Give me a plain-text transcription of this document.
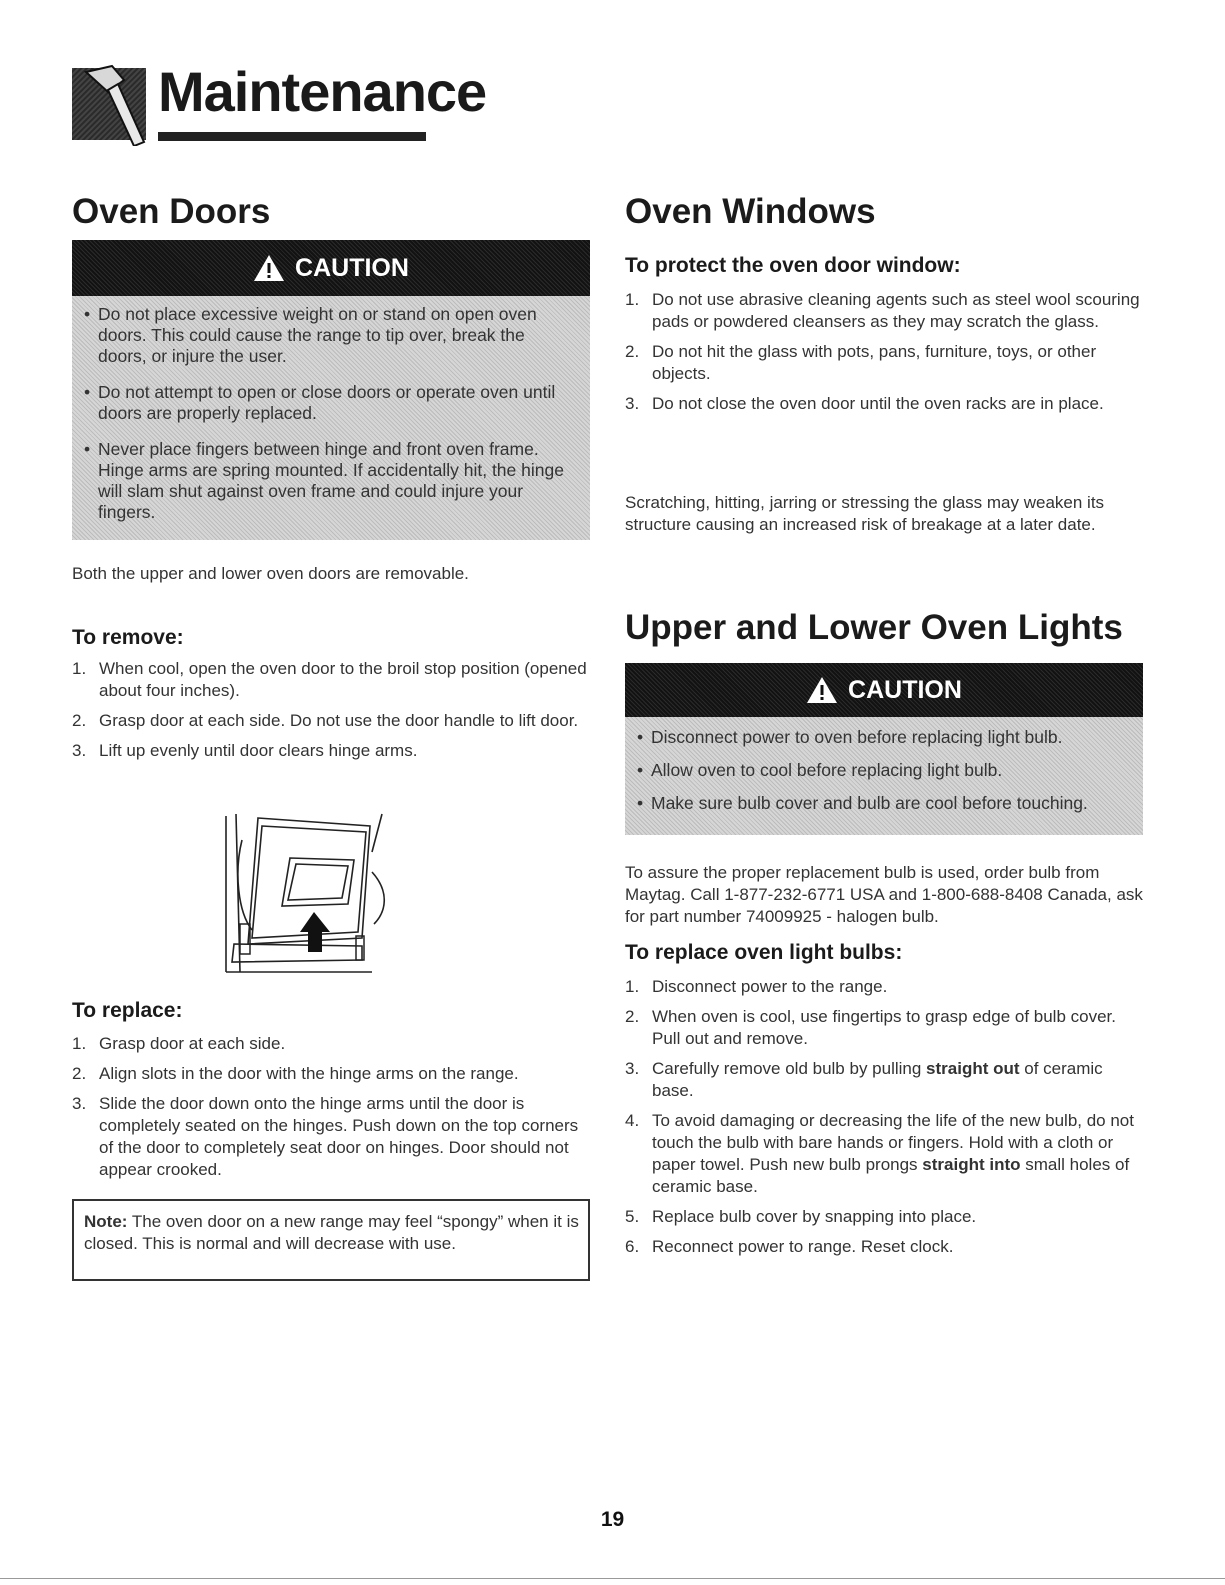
Maintenance
Oven Doors
CAUTION
• Do not place excessive weight on or stand on open oven doors. This could cause the range to tip over, break the doors, or injure the user.
• Do not attempt to open or close doors or operate oven until doors are properly replaced.
• Never place fingers between hinge and front oven frame. Hinge arms are spring mounted. If accidentally hit, the hinge will slam shut against oven frame and could injure your fingers.

Both the upper and lower oven doors are removable.

To remove:
1. When cool, open the oven door to the broil stop position (opened about four inches).
2. Grasp door at each side. Do not use the door handle to lift door.
3. Lift up evenly until door clears hinge arms.
To replace:
1. Grasp door at each side.
2. Align slots in the door with the hinge arms on the range.
3. Slide the door down onto the hinge arms until the door is completely seated on the hinges. Push down on the top corners of the door to completely seat door on hinges. Door should not appear crooked.

Note: The oven door on a new range may feel “spongy” when it is closed. This is normal and will decrease with use.

Oven Windows
To protect the oven door window:
1. Do not use abrasive cleaning agents such as steel wool scouring pads or powdered cleansers as they may scratch the glass.
2. Do not hit the glass with pots, pans, furniture, toys, or other objects.
3. Do not close the oven door until the oven racks are in place.

Scratching, hitting, jarring or stressing the glass may weaken its structure causing an increased risk of breakage at a later date.

Upper and Lower Oven Lights
CAUTION
• Disconnect power to oven before replacing light bulb.
• Allow oven to cool before replacing light bulb.
• Make sure bulb cover and bulb are cool before touching.

To assure the proper replacement bulb is used, order bulb from Maytag. Call 1-877-232-6771 USA and 1-800-688-8408 Canada, ask for part number 74009925 - halogen bulb.

To replace oven light bulbs:
1. Disconnect power to the range.
2. When oven is cool, use fingertips to grasp edge of bulb cover. Pull out and remove.
3. Carefully remove old bulb by pulling straight out of ceramic base.
4. To avoid damaging or decreasing the life of the new bulb, do not touch the bulb with bare hands or fingers. Hold with a cloth or paper towel. Push new bulb prongs straight into small holes of ceramic base.
5. Replace bulb cover by snapping into place.
6. Reconnect power to range. Reset clock.
19
